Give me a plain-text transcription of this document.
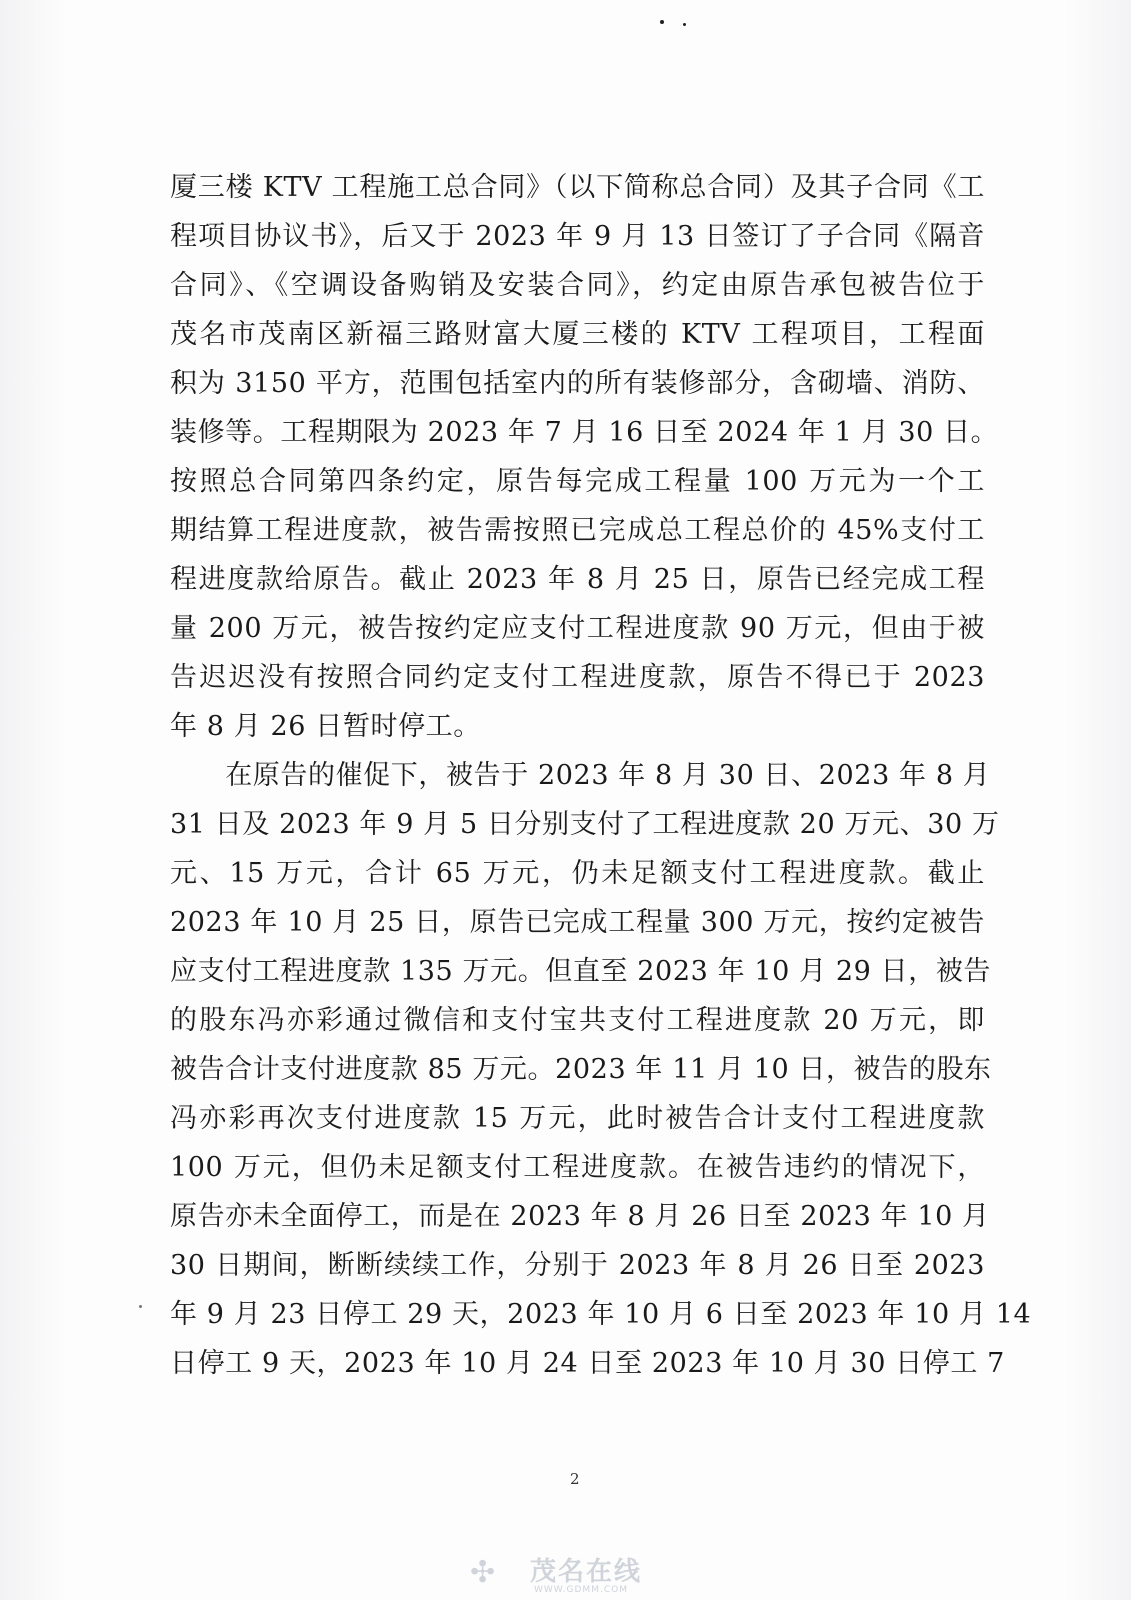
厦三楼 KTV 工程施工总合同》（以下简称总合同）及其子合同《工
程项目协议书》，后又于 2023 年 9 月 13 日签订了子合同《隔音
合同》、《空调设备购销及安装合同》，约定由原告承包被告位于
茂名市茂南区新福三路财富大厦三楼的 KTV 工程项目，工程面
积为 3150 平方，范围包括室内的所有装修部分，含砌墙、消防、
装修等。工程期限为 2023 年 7 月 16 日至 2024 年 1 月 30 日。
按照总合同第四条约定，原告每完成工程量 100 万元为一个工
期结算工程进度款，被告需按照已完成总工程总价的 45%支付工
程进度款给原告。截止 2023 年 8 月 25 日，原告已经完成工程
量 200 万元，被告按约定应支付工程进度款 90 万元，但由于被
告迟迟没有按照合同约定支付工程进度款，原告不得已于 2023
年 8 月 26 日暂时停工。
　　在原告的催促下，被告于 2023 年 8 月 30 日、2023 年 8 月
31 日及 2023 年 9 月 5 日分别支付了工程进度款 20 万元、30 万
元、15 万元，合计 65 万元，仍未足额支付工程进度款。截止
2023 年 10 月 25 日，原告已完成工程量 300 万元，按约定被告
应支付工程进度款 135 万元。但直至 2023 年 10 月 29 日，被告
的股东冯亦彩通过微信和支付宝共支付工程进度款 20 万元，即
被告合计支付进度款 85 万元。2023 年 11 月 10 日，被告的股东
冯亦彩再次支付进度款 15 万元，此时被告合计支付工程进度款
100 万元，但仍未足额支付工程进度款。在被告违约的情况下，
原告亦未全面停工，而是在 2023 年 8 月 26 日至 2023 年 10 月
30 日期间，断断续续工作，分别于 2023 年 8 月 26 日至 2023
年 9 月 23 日停工 29 天，2023 年 10 月 6 日至 2023 年 10 月 14
日停工 9 天，2023 年 10 月 24 日至 2023 年 10 月 30 日停工 7
2
✣ 茂名在线
WWW.GDMM.COM
